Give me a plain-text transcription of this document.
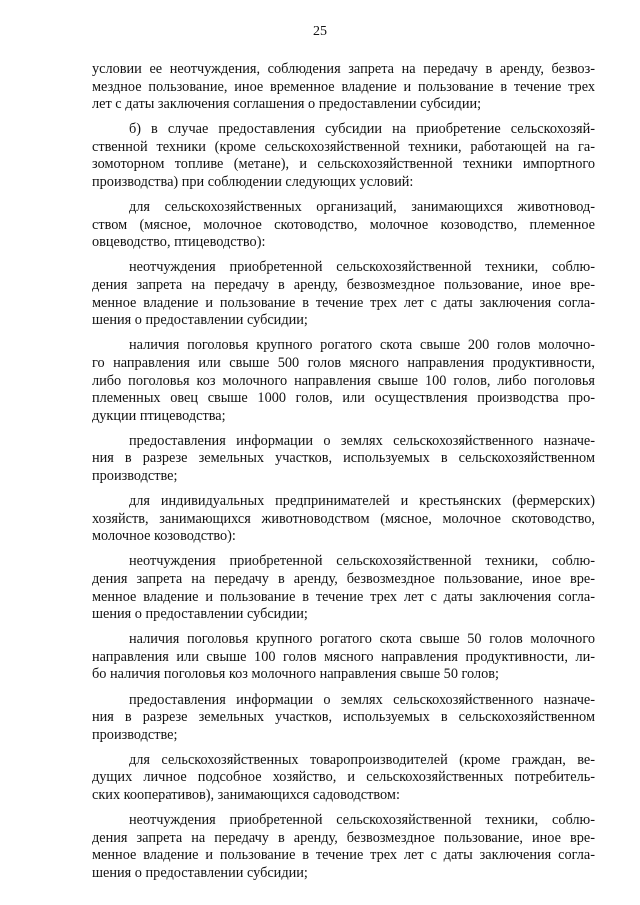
25
условии ее неотчуждения, соблюдения запрета на передачу в аренду, безвоз-
мездное пользование, иное временное владение и пользование в течение трех
лет с даты заключения соглашения о предоставлении субсидии;
б) в случае предоставления субсидии на приобретение сельскохозяй-
ственной техники (кроме сельскохозяйственной техники, работающей на га-
зомоторном топливе (метане), и сельскохозяйственной техники импортного
производства) при соблюдении следующих условий:
для сельскохозяйственных организаций, занимающихся животновод-
ством (мясное, молочное скотоводство, молочное козоводство, племенное
овцеводство, птицеводство):
неотчуждения приобретенной сельскохозяйственной техники, соблю-
дения запрета на передачу в аренду, безвозмездное пользование, иное вре-
менное владение и пользование в течение трех лет с даты заключения согла-
шения о предоставлении субсидии;
наличия поголовья крупного рогатого скота свыше 200 голов молочно-
го направления или свыше 500 голов мясного направления продуктивности,
либо поголовья коз молочного направления свыше 100 голов, либо поголовья
племенных овец свыше 1000 голов, или осуществления производства про-
дукции птицеводства;
предоставления информации о землях сельскохозяйственного назначе-
ния в разрезе земельных участков, используемых в сельскохозяйственном
производстве;
для индивидуальных предпринимателей и крестьянских (фермерских)
хозяйств, занимающихся животноводством (мясное, молочное скотоводство,
молочное козоводство):
неотчуждения приобретенной сельскохозяйственной техники, соблю-
дения запрета на передачу в аренду, безвозмездное пользование, иное вре-
менное владение и пользование в течение трех лет с даты заключения согла-
шения о предоставлении субсидии;
наличия поголовья крупного рогатого скота свыше 50 голов молочного
направления или свыше 100 голов мясного направления продуктивности, ли-
бо наличия поголовья коз молочного направления свыше 50 голов;
предоставления информации о землях сельскохозяйственного назначе-
ния в разрезе земельных участков, используемых в сельскохозяйственном
производстве;
для сельскохозяйственных товаропроизводителей (кроме граждан, ве-
дущих личное подсобное хозяйство, и сельскохозяйственных потребитель-
ских кооперативов), занимающихся садоводством:
неотчуждения приобретенной сельскохозяйственной техники, соблю-
дения запрета на передачу в аренду, безвозмездное пользование, иное вре-
менное владение и пользование в течение трех лет с даты заключения согла-
шения о предоставлении субсидии;
